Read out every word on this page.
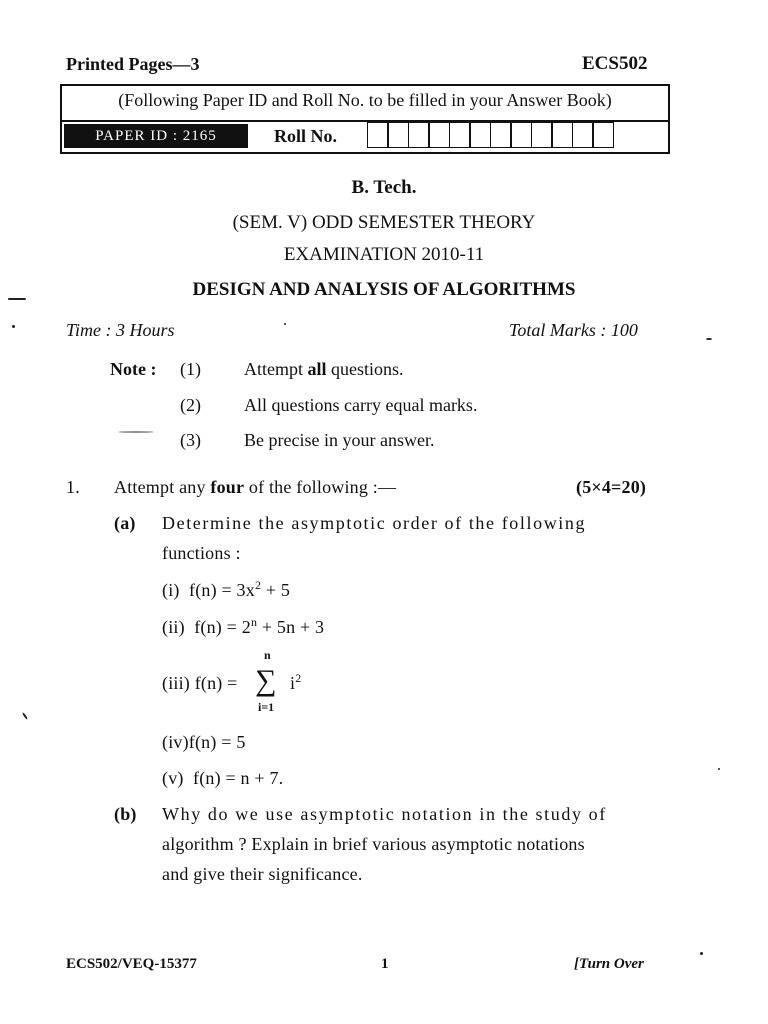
Printed Pages—3	ECS502
(Following Paper ID and Roll No. to be filled in your Answer Book)
PAPER ID : 2165	Roll No.
B. Tech.
(SEM. V) ODD SEMESTER THEORY
EXAMINATION 2010-11
DESIGN AND ANALYSIS OF ALGORITHMS
Time : 3 Hours	Total Marks : 100
Note : (1) Attempt all questions.
(2) All questions carry equal marks.
(3) Be precise in your answer.
1. Attempt any four of the following :—	(5×4=20)
(a) Determine the asymptotic order of the following
functions :
(i) $f(n) = 3x^2 + 5$
(ii) $f(n) = 2^n + 5n + 3$
(iii) f(n) =
n
∑
i=1
$i^2$
(iv)f(n) = 5
(v) f(n) = n + 7.
(b) Why do we use asymptotic notation in the study of
algorithm ? Explain in brief various asymptotic notations
and give their significance.
ECS502/VEQ-15377	1	[Turn Over
